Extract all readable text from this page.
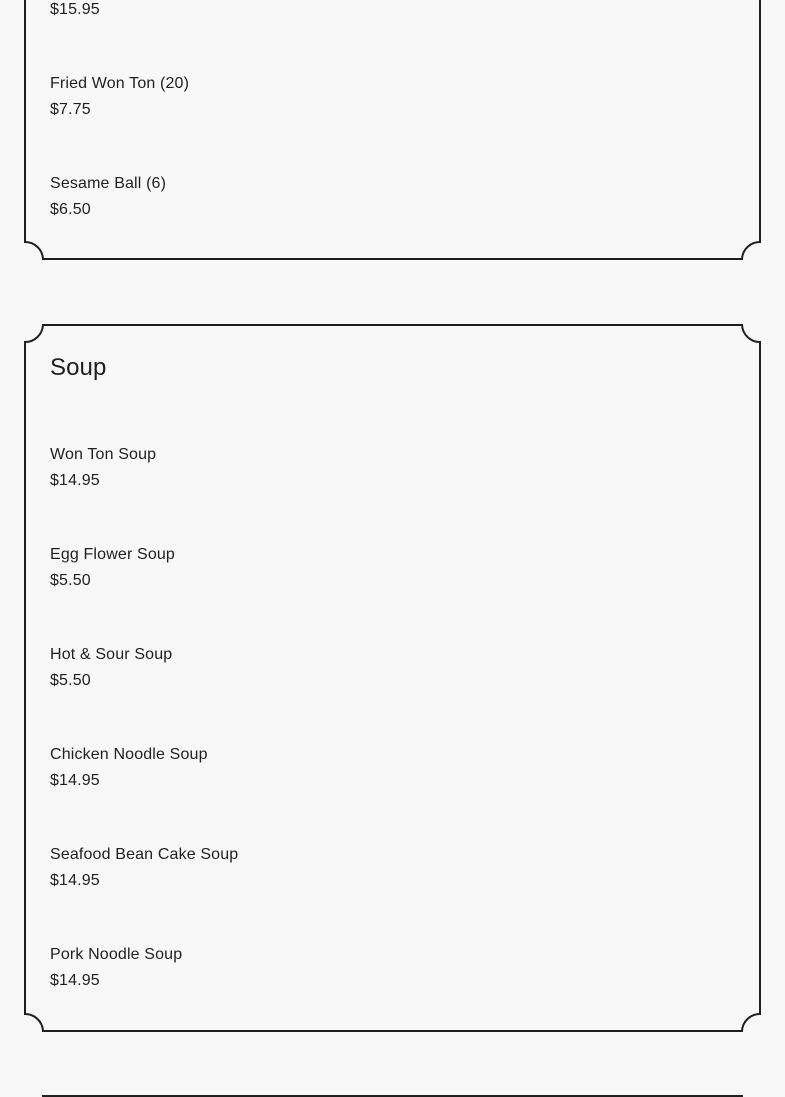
$15.95
Fried Won Ton (20)
$7.75
Sesame Ball (6)
$6.50
Soup
Won Ton Soup
$14.95
Egg Flower Soup
$5.50
Hot & Sour Soup
$5.50
Chicken Noodle Soup
$14.95
Seafood Bean Cake Soup
$14.95
Pork Noodle Soup
$14.95
